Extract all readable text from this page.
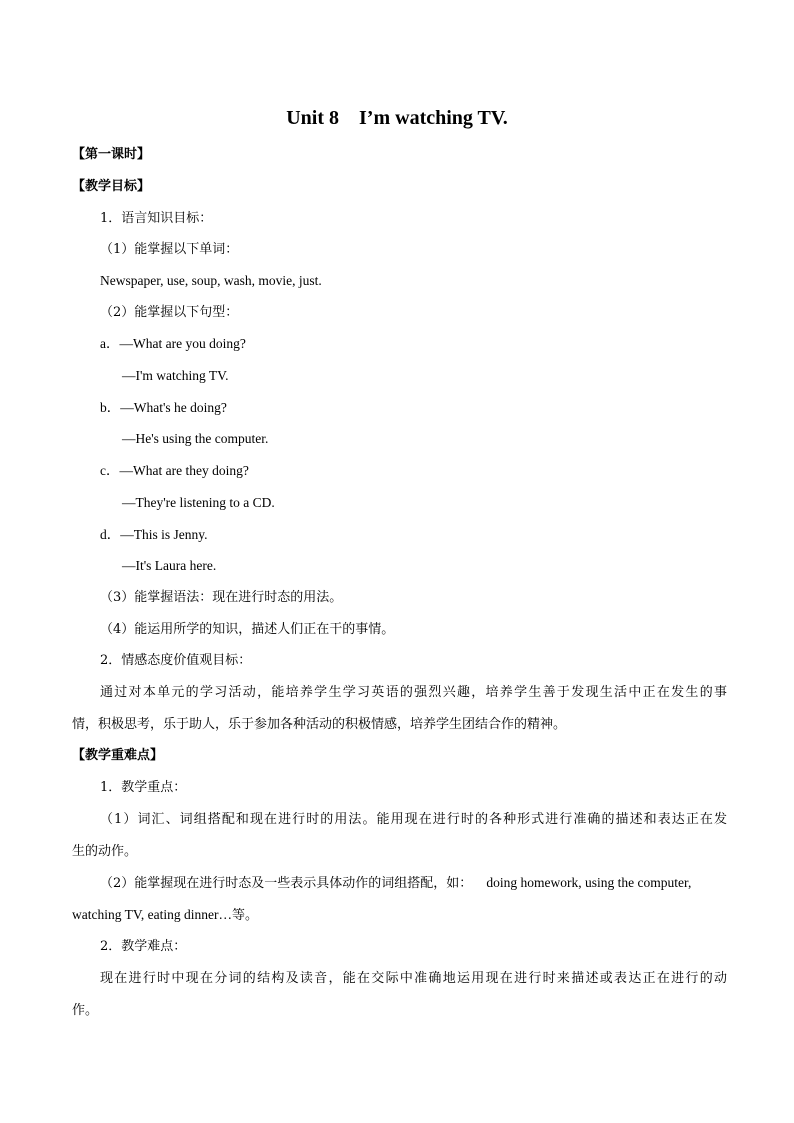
Unit 8    I’m watching TV.
【第一课时】
【教学目标】
1．语言知识目标：
（1）能掌握以下单词：
Newspaper, use, soup, wash, movie, just.
（2）能掌握以下句型：
a．—What are you doing?
—I'm watching TV.
b．—What's he doing?
—He's using the computer.
c．—What are they doing?
—They're listening to a CD.
d．—This is Jenny.
—It's Laura here.
（3）能掌握语法：现在进行时态的用法。
（4）能运用所学的知识，描述人们正在干的事情。
2．情感态度价值观目标：
通过对本单元的学习活动，能培养学生学习英语的强烈兴趣，培养学生善于发现生活中正在发生的事
情，积极思考，乐于助人，乐于参加各种活动的积极情感，培养学生团结合作的精神。
【教学重难点】
1．教学重点：
（1）词汇、词组搭配和现在进行时的用法。能用现在进行时的各种形式进行准确的描述和表达正在发
生的动作。
（2）能掌握现在进行时态及一些表示具体动作的词组搭配，如： doing homework, using the computer,
watching TV, eating dinner…等。
2．教学难点：
现在进行时中现在分词的结构及读音，能在交际中准确地运用现在进行时来描述或表达正在进行的动
作。
